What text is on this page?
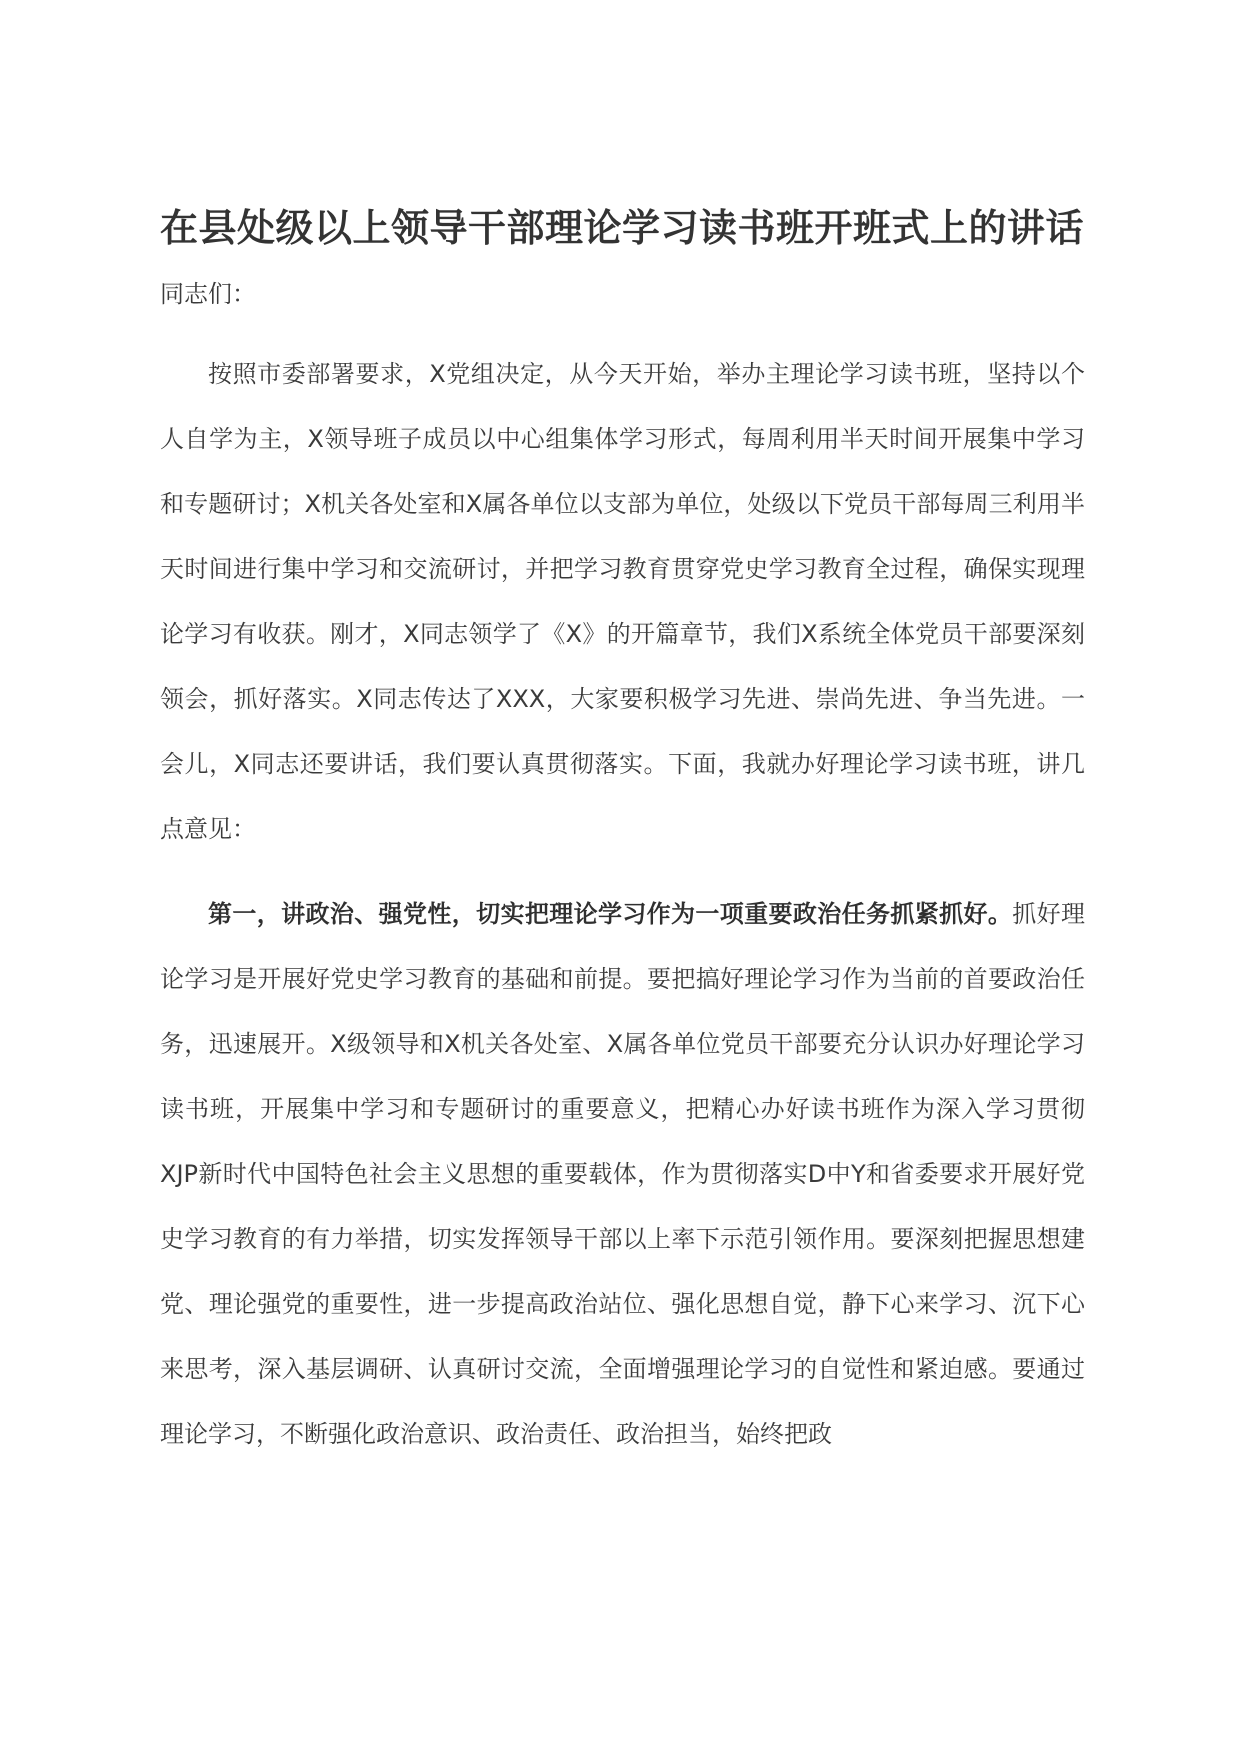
在县处级以上领导干部理论学习读书班开班式上的讲话

同志们：

按照市委部署要求，X党组决定，从今天开始，举办主理论学习读书班，坚持以个人自学为主，X领导班子成员以中心组集体学习形式，每周利用半天时间开展集中学习和专题研讨；X机关各处室和X属各单位以支部为单位，处级以下党员干部每周三利用半天时间进行集中学习和交流研讨，并把学习教育贯穿党史学习教育全过程，确保实现理论学习有收获。刚才，X同志领学了《X》的开篇章节，我们X系统全体党员干部要深刻领会，抓好落实。X同志传达了XXX，大家要积极学习先进、崇尚先进、争当先进。一会儿，X同志还要讲话，我们要认真贯彻落实。下面，我就办好理论学习读书班，讲几点意见：

第一，讲政治、强党性，切实把理论学习作为一项重要政治任务抓紧抓好。抓好理论学习是开展好党史学习教育的基础和前提。要把搞好理论学习作为当前的首要政治任务，迅速展开。X级领导和X机关各处室、X属各单位党员干部要充分认识办好理论学习读书班，开展集中学习和专题研讨的重要意义，把精心办好读书班作为深入学习贯彻XJP新时代中国特色社会主义思想的重要载体，作为贯彻落实D中Y和省委要求开展好党史学习教育的有力举措，切实发挥领导干部以上率下示范引领作用。要深刻把握思想建党、理论强党的重要性，进一步提高政治站位、强化思想自觉，静下心来学习、沉下心来思考，深入基层调研、认真研讨交流，全面增强理论学习的自觉性和紧迫感。要通过理论学习，不断强化政治意识、政治责任、政治担当，始终把政
